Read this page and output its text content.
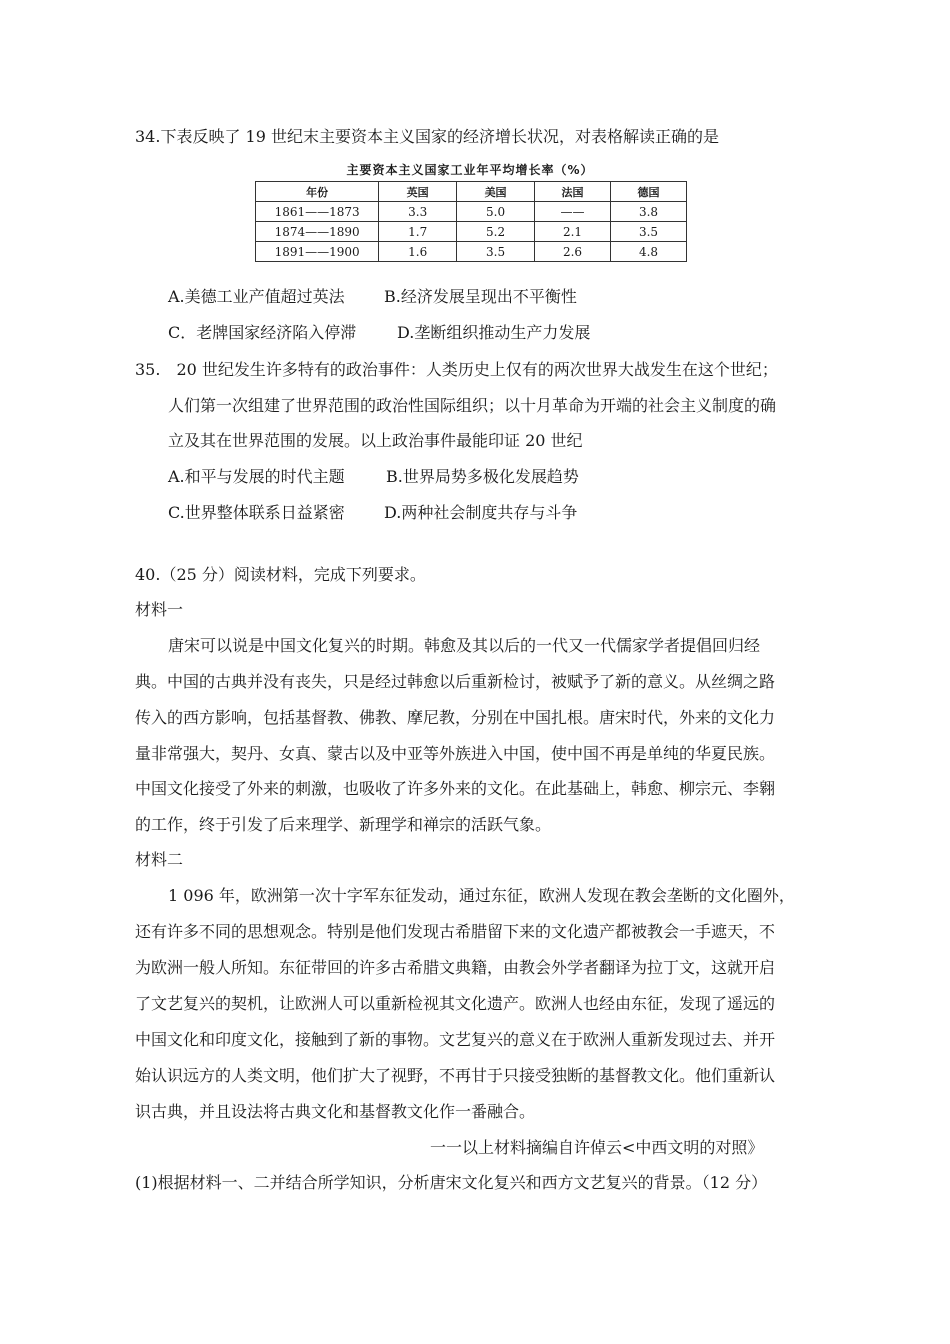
34.下表反映了 19 世纪末主要资本主义国家的经济增长状况，对表格解读正确的是
主要资本主义国家工业年平均增长率（%）
年份	英国	美国	法国	德国
1861——1873	3.3	5.0	——	3.8
1874——1890	1.7	5.2	2.1	3.5
1891——1900	1.6	3.5	2.6	4.8
A.美德工业产值超过英法 B.经济发展呈现出不平衡性
C．老牌国家经济陷入停滞	D.垄断组织推动生产力发展
35.　20 世纪发生许多特有的政治事件：人类历史上仅有的两次世界大战发生在这个世纪；
人们第一次组建了世界范围的政治性国际组织；以十月革命为开端的社会主义制度的确
立及其在世界范围的发展。以上政治事件最能印证 20 世纪
A.和平与发展的时代主题	B.世界局势多极化发展趋势
C.世界整体联系日益紧密 D.两种社会制度共存与斗争
40.（25 分）阅读材料，完成下列要求。
材料一
唐宋可以说是中国文化复兴的时期。韩愈及其以后的一代又一代儒家学者提倡回归经
典。中国的古典并没有丧失，只是经过韩愈以后重新检讨，被赋予了新的意义。从丝绸之路
传入的西方影响，包括基督教、佛教、摩尼教，分别在中国扎根。唐宋时代，外来的文化力
量非常强大，契丹、女真、蒙古以及中亚等外族进入中国，使中国不再是单纯的华夏民族。
中国文化接受了外来的刺激，也吸收了许多外来的文化。在此基础上，韩愈、柳宗元、李翱
的工作，终于引发了后来理学、新理学和禅宗的活跃气象。
材料二
1 096 年，欧洲第一次十字军东征发动，通过东征，欧洲人发现在教会垄断的文化圈外，
还有许多不同的思想观念。特别是他们发现古希腊留下来的文化遗产都被教会一手遮天，不
为欧洲一般人所知。东征带回的许多古希腊文典籍，由教会外学者翻译为拉丁文，这就开启
了文艺复兴的契机，让欧洲人可以重新检视其文化遗产。欧洲人也经由东征，发现了遥远的
中国文化和印度文化，接触到了新的事物。文艺复兴的意义在于欧洲人重新发现过去、并开
始认识远方的人类文明，他们扩大了视野，不再甘于只接受独断的基督教文化。他们重新认
识古典，并且设法将古典文化和基督教文化作一番融合。
一一以上材料摘编自许倬云<中西文明的对照》
(1)根据材料一、二并结合所学知识，分析唐宋文化复兴和西方文艺复兴的背景。（12 分）
